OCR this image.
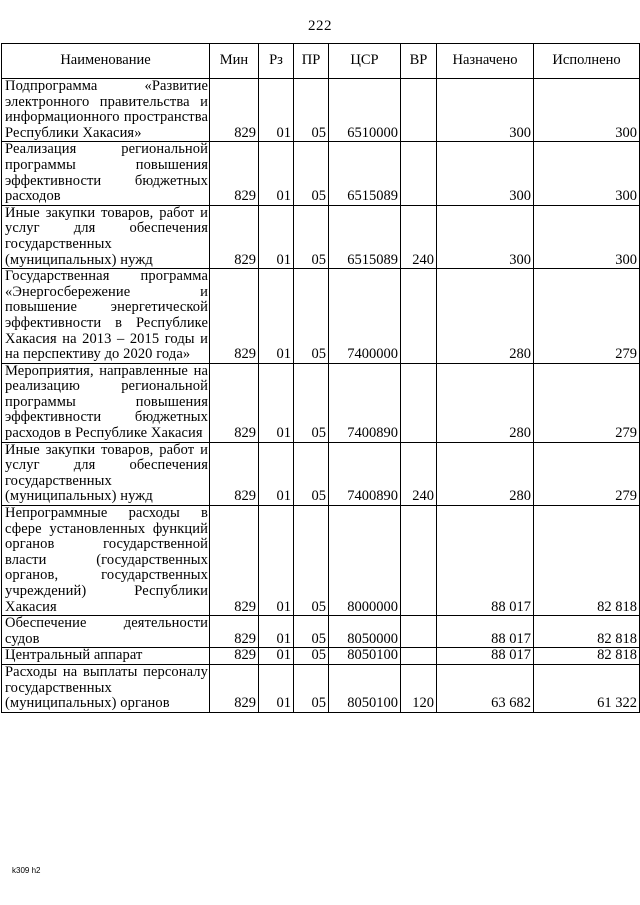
222
Наименование	Мин	Рз	ПР	ЦСР	ВР	Назначено	Исполнено
Подпрограмма «Развитие электронного правительства и информационного пространства Республики Хакасия»	829	01	05	6510000		300	300
Реализация региональной программы повышения эффективности бюджетных расходов	829	01	05	6515089		300	300
Иные закупки товаров, работ и услуг для обеспечения государственных (муниципальных) нужд	829	01	05	6515089	240	300	300
Государственная программа «Энергосбережение и повышение энергетической эффективности в Республике Хакасия на 2013 – 2015 годы и на перспективу до 2020 года»	829	01	05	7400000		280	279
Мероприятия, направленные на реализацию региональной программы повышения эффективности бюджетных расходов в Республике Хакасия	829	01	05	7400890		280	279
Иные закупки товаров, работ и услуг для обеспечения государственных (муниципальных) нужд	829	01	05	7400890	240	280	279
Непрограммные расходы в сфере установленных функций органов государственной власти (государственных органов, государственных учреждений) Республики Хакасия	829	01	05	8000000		88 017	82 818
Обеспечение деятельности судов	829	01	05	8050000		88 017	82 818
Центральный аппарат	829	01	05	8050100		88 017	82 818
Расходы на выплаты персоналу государственных (муниципальных) органов	829	01	05	8050100	120	63 682	61 322
k309 h2
